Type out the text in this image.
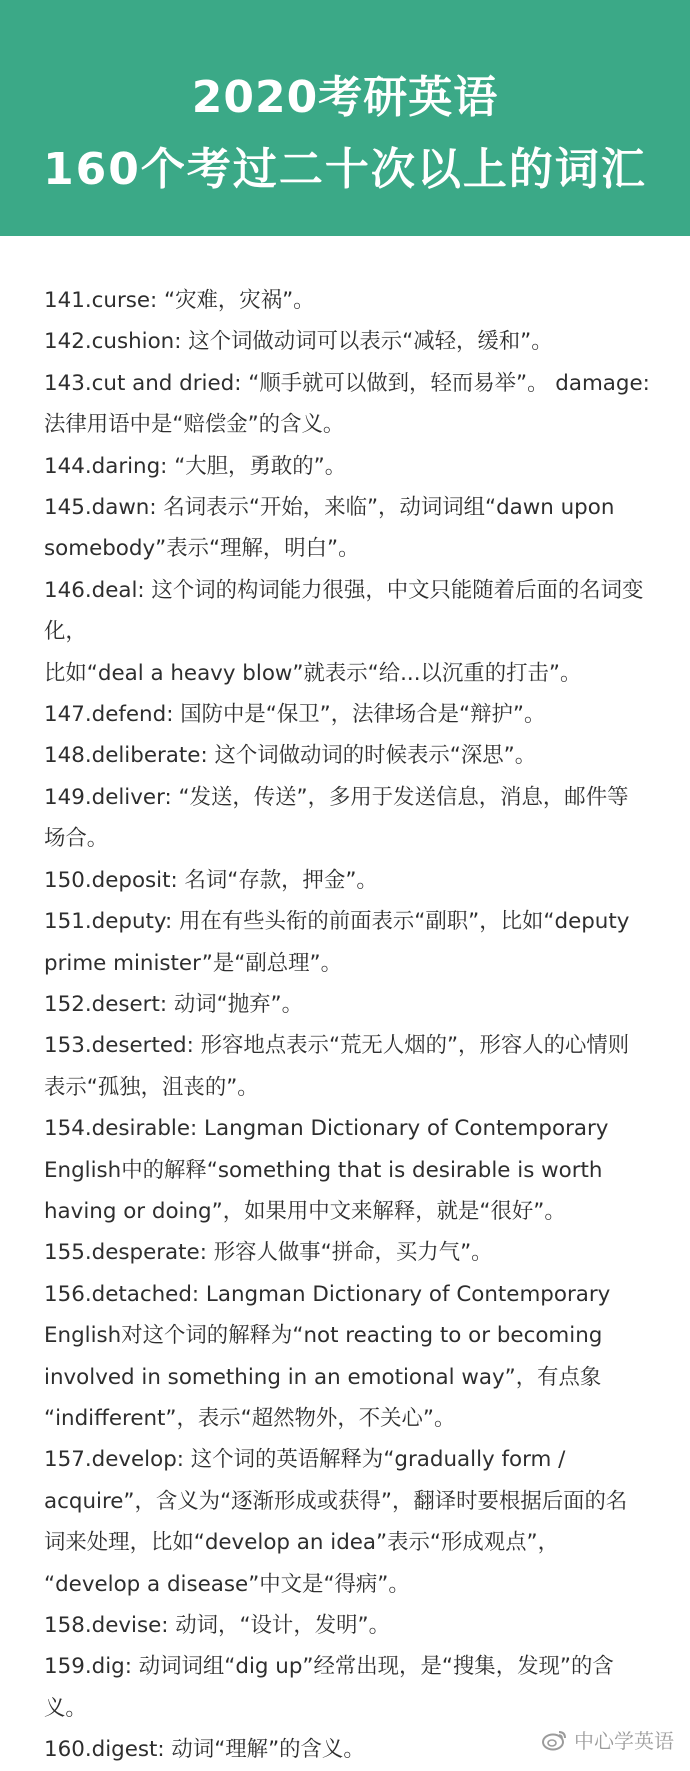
2020考研英语
160个考过二十次以上的词汇
141.curse: “灾难，灾祸”。
142.cushion: 这个词做动词可以表示“减轻，缓和”。
143.cut and dried: “顺手就可以做到，轻而易举”。 damage:
法律用语中是“赔偿金”的含义。
144.daring: “大胆，勇敢的”。
145.dawn: 名词表示“开始，来临”，动词词组“dawn upon
somebody”表示“理解，明白”。
146.deal: 这个词的构词能力很强，中文只能随着后面的名词变化，
比如“deal a heavy blow”就表示“给...以沉重的打击”。
147.defend: 国防中是“保卫”，法律场合是“辩护”。
148.deliberate: 这个词做动词的时候表示“深思”。
149.deliver: “发送，传送”，多用于发送信息，消息，邮件等
场合。
150.deposit: 名词“存款，押金”。
151.deputy: 用在有些头衔的前面表示“副职”，比如“deputy
prime minister”是“副总理”。
152.desert: 动词“抛弃”。
153.deserted: 形容地点表示“荒无人烟的”，形容人的心情则
表示“孤独，沮丧的”。
154.desirable: Langman Dictionary of Contemporary
English中的解释“something that is desirable is worth
having or doing”，如果用中文来解释，就是“很好”。
155.desperate: 形容人做事“拼命，买力气”。
156.detached: Langman Dictionary of Contemporary
English对这个词的解释为“not reacting to or becoming
involved in something in an emotional way”，有点象
“indifferent”，表示“超然物外，不关心”。
157.develop: 这个词的英语解释为“gradually form /
acquire”，含义为“逐渐形成或获得”，翻译时要根据后面的名
词来处理，比如“develop an idea”表示“形成观点”，
“develop a disease”中文是“得病”。
158.devise: 动词，“设计，发明”。
159.dig: 动词词组“dig up”经常出现，是“搜集，发现”的含
义。
160.digest: 动词“理解”的含义。	中心学英语
